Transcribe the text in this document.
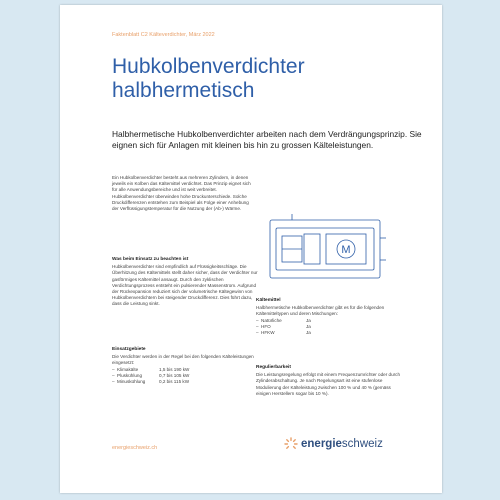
Faktenblatt C2 Kälteverdichter, März 2022
Hubkolbenverdichter
halbhermetisch

Halbhermetische Hubkolbenverdichter arbeiten nach dem Verdrängungsprinzip. Sie eignen sich für Anlagen mit kleinen bis hin zu grossen Kälteleistungen.

Ein Hubkolbenverdichter besteht aus mehreren Zylindern, in denen jeweils ein Kolben das Kältemittel verdichtet. Das Prinzip eignet sich für alle Anwendungsbereiche und ist weit verbreitet. Hubkolbenverdichter überwinden hohe Druckunterschiede. Solche Druckdifferenzen entstehen zum Beispiel als Folge einer Anhebung der Verflüssigungstemperatur für die Nutzung der (Ab-) Wärme.

Was beim Einsatz zu beachten ist

Hubkolbenverdichter sind empfindlich auf Flüssigkeitsschläge. Die Überhitzung des Kältemittels stellt daher sicher, dass der Verdichter nur gasförmiges Kältemittel ansaugt. Durch den zyklischen Verdichtungsprozess entsteht ein pulsierender Massenstrom. Aufgrund der Rückexpansion reduziert sich der volumetrische Kältegewinn von Hubkolbenverdichtern bei steigender Druckdifferenz. Dies führt dazu, dass die Leistung sinkt.

Einsatzgebiete

Die Verdichter werden in der Regel bei den folgenden Kälteleistungen eingesetzt:

– Klimakälte	1,5 bis 190 kW
– Pluskühlung	0,7 bis 105 kW
– Minuskühlung	0,2 bis 115 kW
M

Kältemittel

Halbhermetische Hubkolbenverdichter gibt es für die folgenden Kältemitteltypen und deren Mischungen:

– Natürliche	Ja
– HFO	Ja
– HFKW	Ja

Regulierbarkeit

Die Leistungsregelung erfolgt mit einem Frequenzumrichter oder durch Zylinderabschaltung. Je nach Regelungsart ist eine stufenlose Modulierung der Kälteleistung zwischen 100 % und 40 % (gemäss einigen Herstellern sogar bis 10 %).

energieschweiz.ch	energieschweiz
